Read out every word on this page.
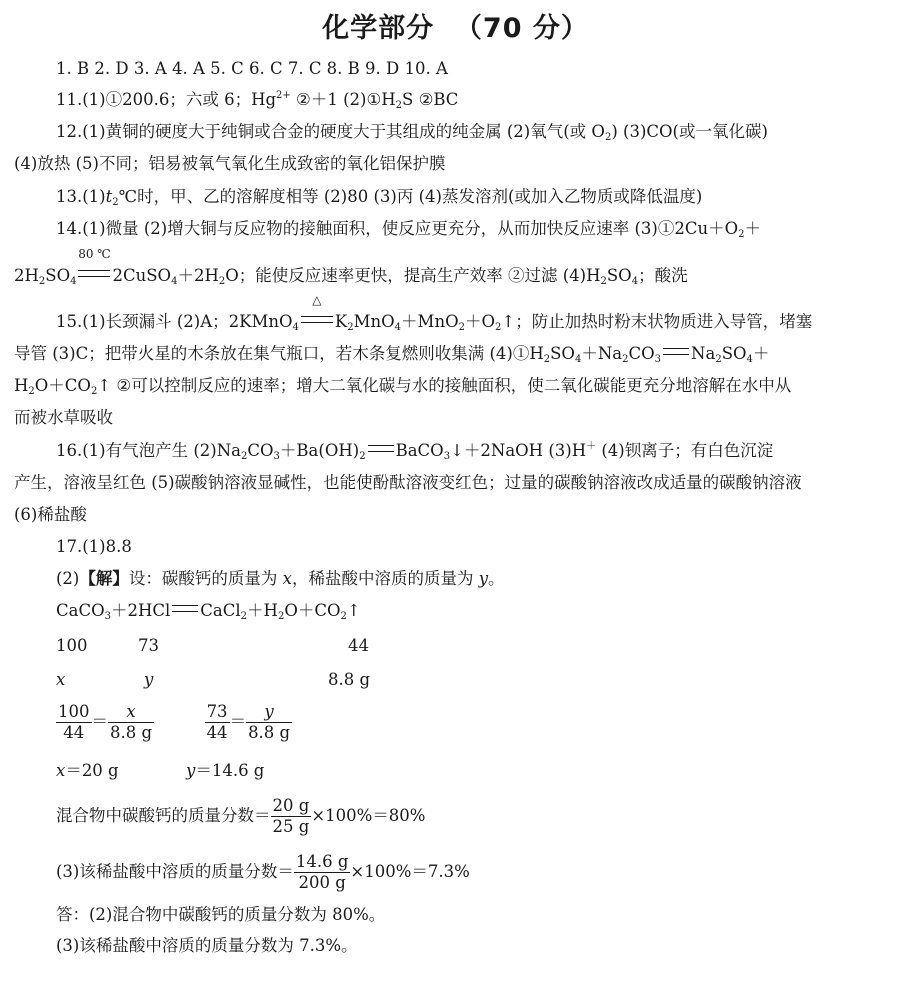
化学部分  （70 分）
1. B 2. D 3. A 4. A 5. C 6. C 7. C 8. B 9. D 10. A
11.(1)①200.6；六或 6；$Hg^{2+}$ ②＋1 $(2)①H_2S$ ②BC
12.(1)黄铜的硬度大于纯铜或合金的硬度大于其组成的纯金属 (2)氧气(或 $O_2$) (3)CO(或一氧化碳)
(4)放热 (5)不同；铝易被氧气氧化生成致密的氧化铝保护膜
$13.(1)t_2℃$时，甲、乙的溶解度相等 (2)80 (3)丙 (4)蒸发溶剂(或加入乙物质或降低温度)
14.(1)微量 (2)增大铜与反应物的接触面积，使反应更充分，从而加快反应速率 $(3)①2Cu+O_2+$
$2H_2SO_4$
80 ℃
$2CuSO_4+2H_2O$；能使反应速率更快，提高生产效率 ②过滤 $(4)H_2SO_4$；酸洗
15.(1)长颈漏斗 (2)A；2KMnO$_4$
△
$K_2MnO_4+MnO_2+O_2↑$；防止加热时粉末状物质进入导管，堵塞
导管 (3)C；把带火星的木条放在集气瓶口，若木条复燃则收集满 $(4)①H_2SO_4+Na_2CO_3$ $Na_2SO_4+$
$H_2O+CO_2↑$ ②可以控制反应的速率；增大二氧化碳与水的接触面积，使二氧化碳能更充分地溶解在水中从
而被水草吸收
16.(1)有气泡产生 $(2)Na_2CO_3+Ba(OH)_2$ BaCO$_3$↓＋2NaOH (3)H＋ (4)钡离子；有白色沉淀
产生，溶液呈红色 (5)碳酸钠溶液显碱性，也能使酚酞溶液变红色；过量的碳酸钠溶液改成适量的碳酸钠溶液
(6)稀盐酸
17.(1)8.8
(2)【解】设：碳酸钙的质量为 x，稀盐酸中溶质的质量为 y。
CaCO$_3$＋2HCl $CaCl_2+H_2O+CO_2↑$
100	73	44
x	y	8.8 g
$\frac{100}{44} = \frac{x}{8.8 g}$
	$\frac{73}{44} = \frac{y}{8.8 g}$
x＝20 g	y＝14.6 g
混合物中碳酸钙的质量分数＝ $\frac{20 g}{25 g} \times 100\%=80\%$
(3)该稀盐酸中溶质的质量分数＝ $\frac{14.6 g}{200 g} \times 100\%=7.3\%$
答：(2)混合物中碳酸钙的质量分数为 80%。
(3)该稀盐酸中溶质的质量分数为 7.3%。
